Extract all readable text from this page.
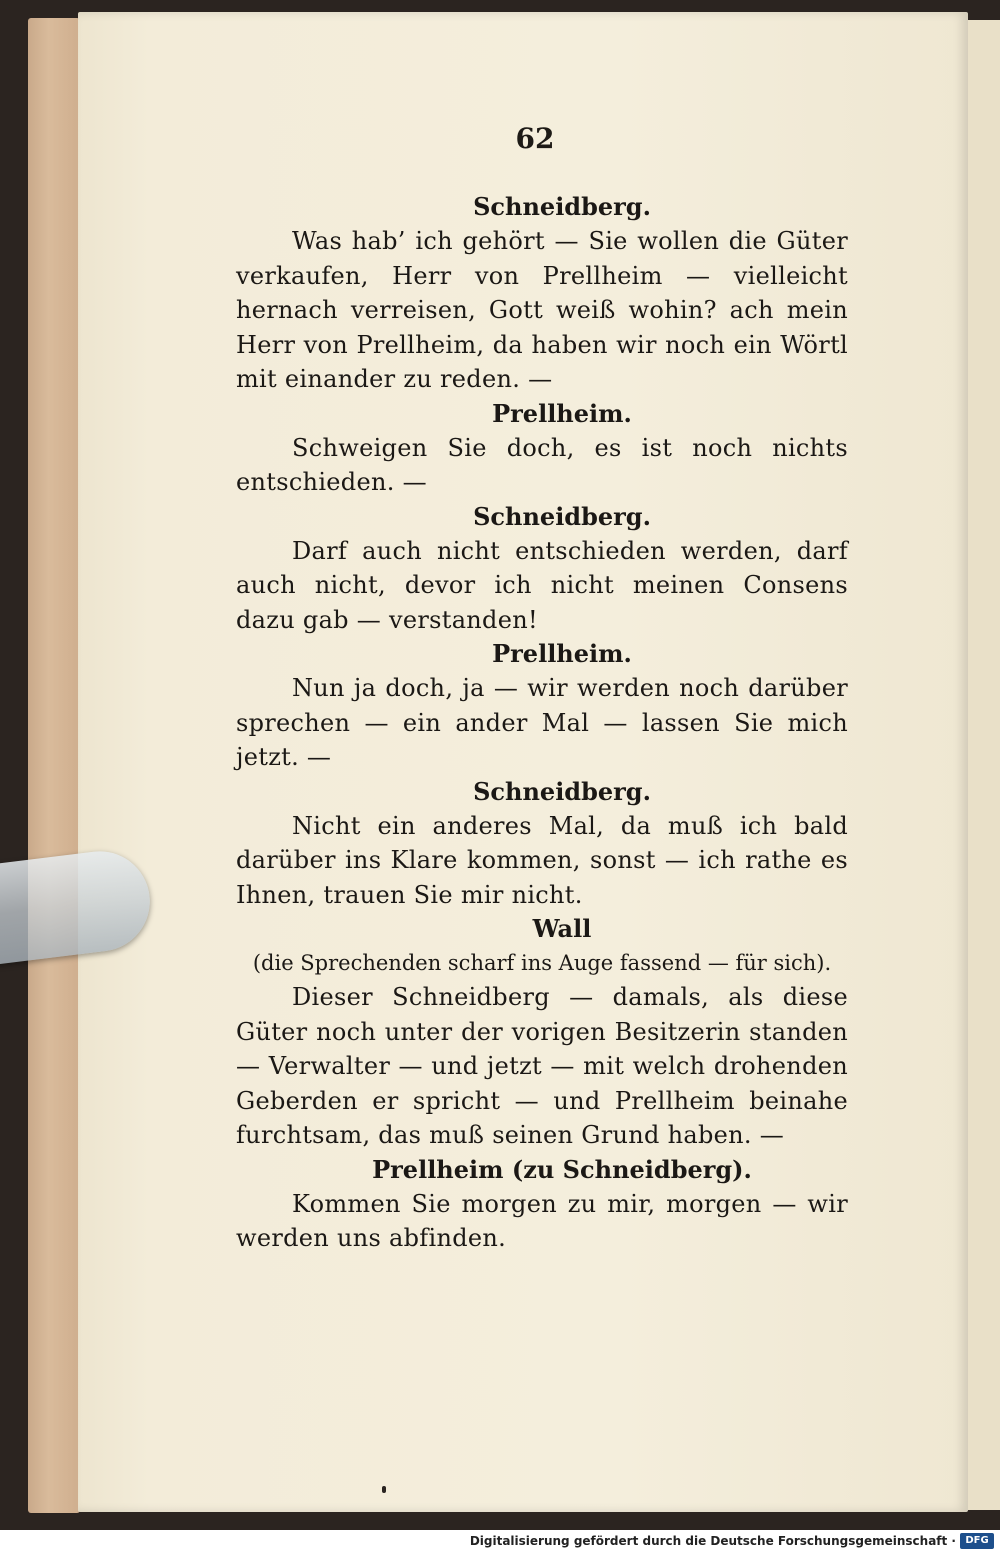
62
Schneidberg.
Was hab’ ich gehört — Sie wollen die Güter verkaufen, Herr von Prellheim — vielleicht hernach verreisen, Gott weiß wohin? ach mein Herr von Prellheim, da haben wir noch ein Wörtl mit einander zu reden. —
Prellheim.
Schweigen Sie doch, es ist noch nichts entschieden. —
Schneidberg.
Darf auch nicht entschieden werden, darf auch nicht, devor ich nicht meinen Consens dazu gab — verstanden!
Prellheim.
Nun ja doch, ja — wir werden noch darüber sprechen — ein ander Mal — lassen Sie mich jetzt. —
Schneidberg.
Nicht ein anderes Mal, da muß ich bald darüber ins Klare kommen, sonst — ich rathe es Ihnen, trauen Sie mir nicht.
Wall
(die Sprechenden scharf ins Auge fassend — für sich).
Dieser Schneidberg — damals, als diese Güter noch unter der vorigen Besitzerin standen — Verwalter — und jetzt — mit welch drohenden Geberden er spricht — und Prellheim beinahe furchtsam, das muß seinen Grund haben. —
Prellheim (zu Schneidberg).
Kommen Sie morgen zu mir, morgen — wir werden uns abfinden.
Digitalisierung gefördert durch die Deutsche Forschungsgemeinschaft · DFG
